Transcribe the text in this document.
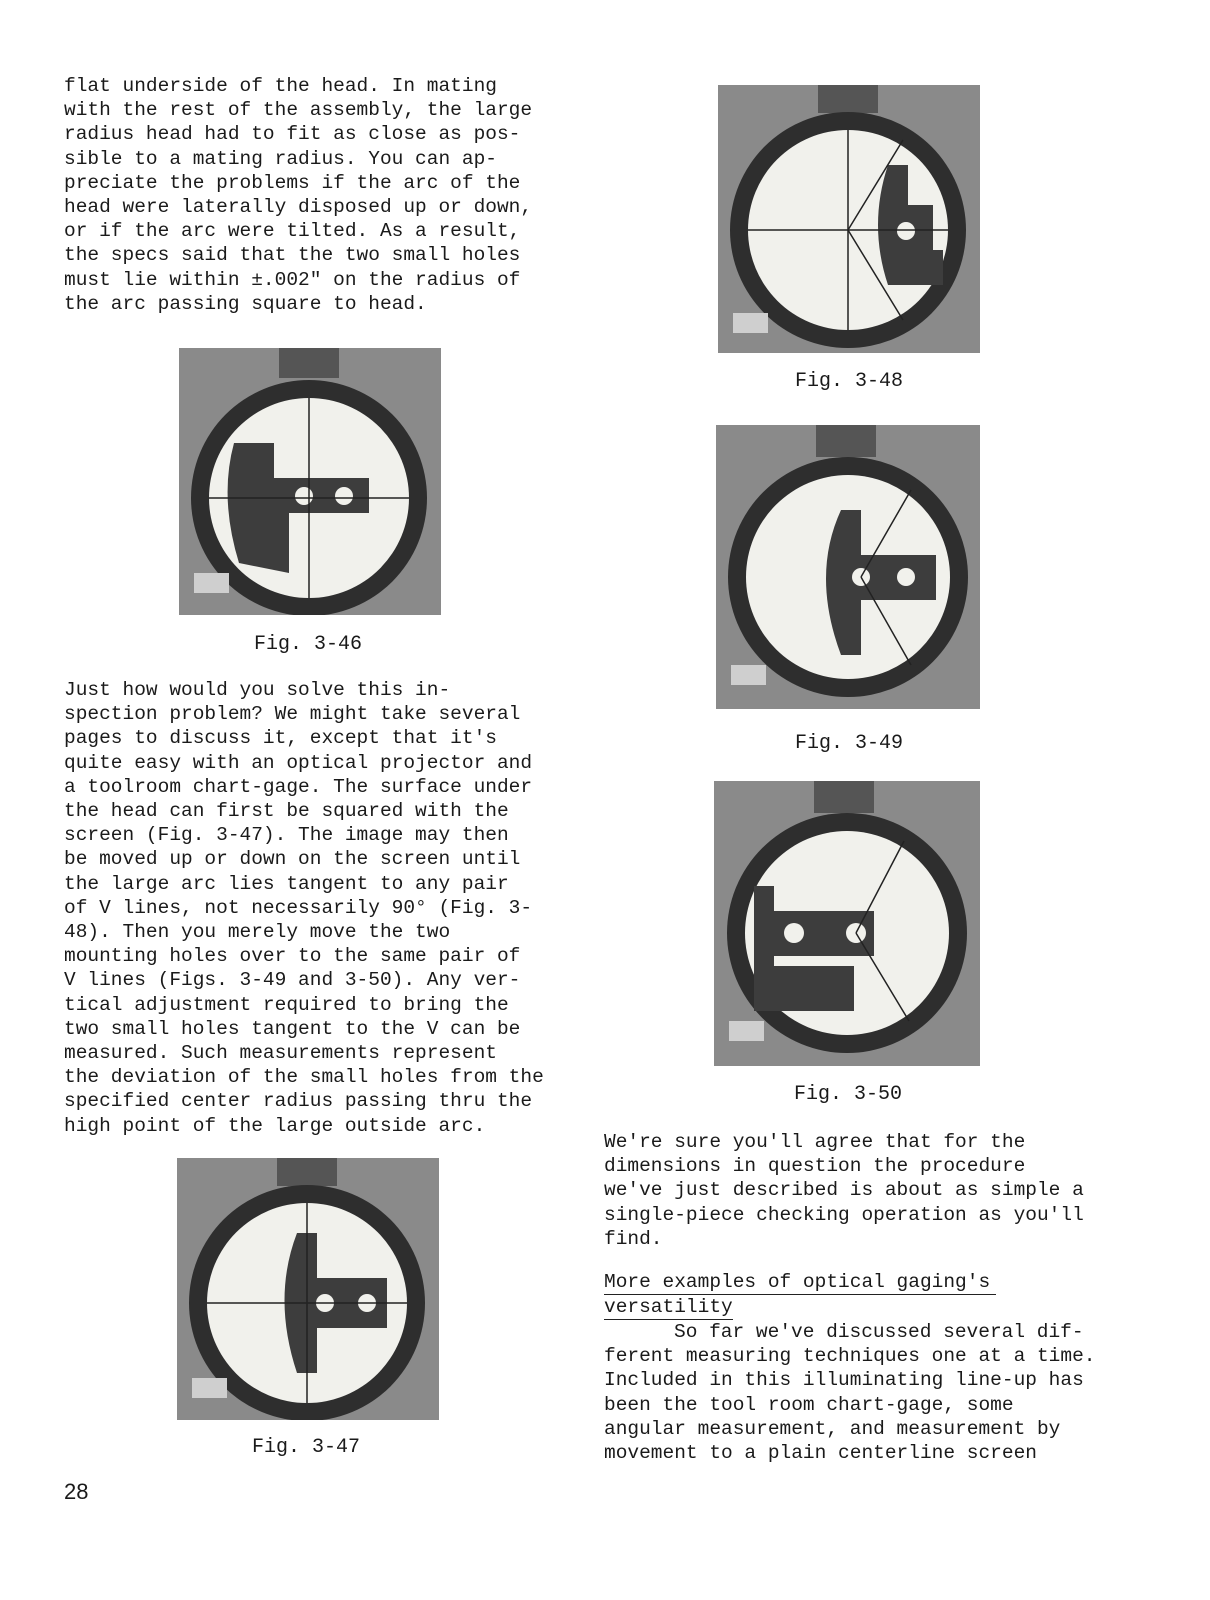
flat underside of the head. In mating
with the rest of the assembly, the large
radius head had to fit as close as pos-
sible to a mating radius. You can ap-
preciate the problems if the arc of the
head were laterally disposed up or down,
or if the arc were tilted. As a result,
the specs said that the two small holes
must lie within ±.002" on the radius of
the arc passing square to head.

Just how would you solve this in-
spection problem? We might take several
pages to discuss it, except that it's
quite easy with an optical projector and
a toolroom chart-gage. The surface under
the head can first be squared with the
screen (Fig. 3-47). The image may then
be moved up or down on the screen until
the large arc lies tangent to any pair
of V lines, not necessarily 90° (Fig. 3-
48). Then you merely move the two
mounting holes over to the same pair of
V lines (Figs. 3-49 and 3-50). Any ver-
tical adjustment required to bring the
two small holes tangent to the V can be
measured. Such measurements represent
the deviation of the small holes from the
specified center radius passing thru the
high point of the large outside arc.

Fig. 3-46
Fig. 3-47
Fig. 3-48
Fig. 3-49
Fig. 3-50

We're sure you'll agree that for the
dimensions in question the procedure
we've just described is about as simple a
single-piece checking operation as you'll
find.

More examples of optical gaging's
versatility

So far we've discussed several dif-
ferent measuring techniques one at a time.
Included in this illuminating line-up has
been the tool room chart-gage, some
angular measurement, and measurement by
movement to a plain centerline screen

28
